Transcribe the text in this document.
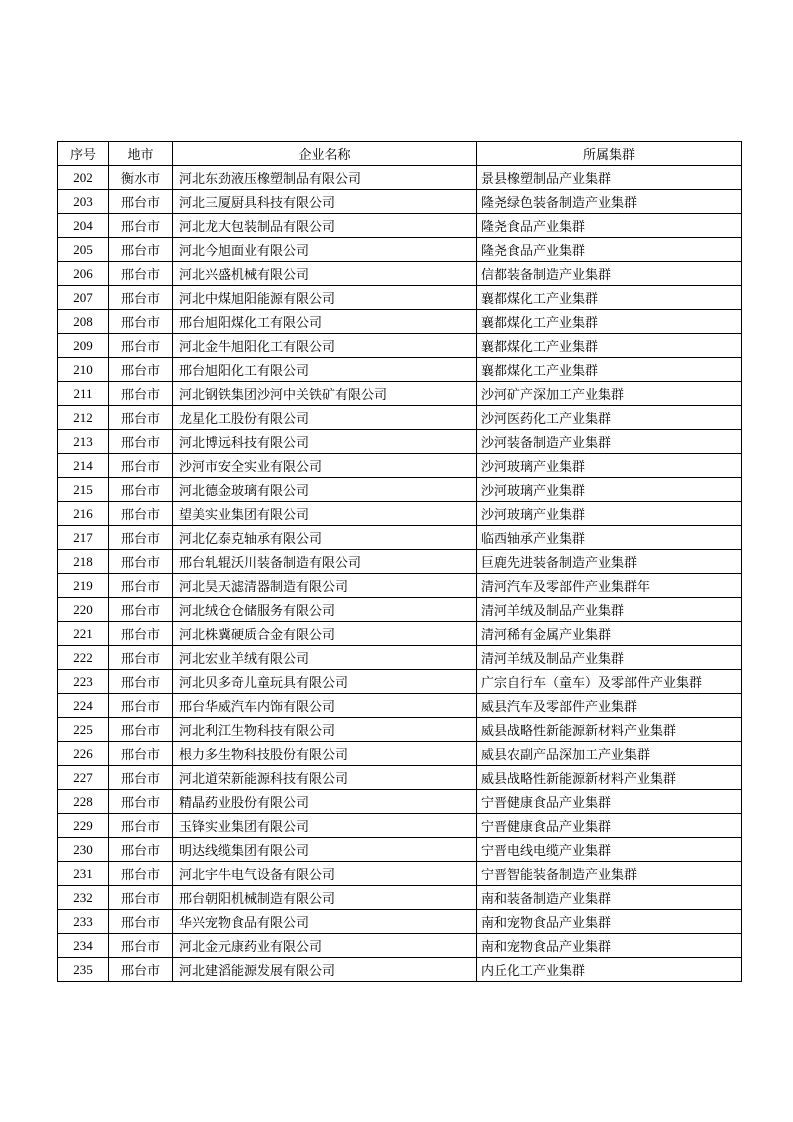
序号	地市	企业名称	所属集群
202	衡水市	河北东劲液压橡塑制品有限公司	景县橡塑制品产业集群
203	邢台市	河北三厦厨具科技有限公司	隆尧绿色装备制造产业集群
204	邢台市	河北龙大包装制品有限公司	隆尧食品产业集群
205	邢台市	河北今旭面业有限公司	隆尧食品产业集群
206	邢台市	河北兴盛机械有限公司	信都装备制造产业集群
207	邢台市	河北中煤旭阳能源有限公司	襄都煤化工产业集群
208	邢台市	邢台旭阳煤化工有限公司	襄都煤化工产业集群
209	邢台市	河北金牛旭阳化工有限公司	襄都煤化工产业集群
210	邢台市	邢台旭阳化工有限公司	襄都煤化工产业集群
211	邢台市	河北钢铁集团沙河中关铁矿有限公司	沙河矿产深加工产业集群
212	邢台市	龙星化工股份有限公司	沙河医药化工产业集群
213	邢台市	河北博远科技有限公司	沙河装备制造产业集群
214	邢台市	沙河市安全实业有限公司	沙河玻璃产业集群
215	邢台市	河北德金玻璃有限公司	沙河玻璃产业集群
216	邢台市	望美实业集团有限公司	沙河玻璃产业集群
217	邢台市	河北亿泰克轴承有限公司	临西轴承产业集群
218	邢台市	邢台轧辊沃川装备制造有限公司	巨鹿先进装备制造产业集群
219	邢台市	河北昊天滤清器制造有限公司	清河汽车及零部件产业集群年
220	邢台市	河北绒仓仓储服务有限公司	清河羊绒及制品产业集群
221	邢台市	河北株冀硬质合金有限公司	清河稀有金属产业集群
222	邢台市	河北宏业羊绒有限公司	清河羊绒及制品产业集群
223	邢台市	河北贝多奇儿童玩具有限公司	广宗自行车（童车）及零部件产业集群
224	邢台市	邢台华威汽车内饰有限公司	威县汽车及零部件产业集群
225	邢台市	河北利江生物科技有限公司	威县战略性新能源新材料产业集群
226	邢台市	根力多生物科技股份有限公司	威县农副产品深加工产业集群
227	邢台市	河北道荣新能源科技有限公司	威县战略性新能源新材料产业集群
228	邢台市	精晶药业股份有限公司	宁晋健康食品产业集群
229	邢台市	玉锋实业集团有限公司	宁晋健康食品产业集群
230	邢台市	明达线缆集团有限公司	宁晋电线电缆产业集群
231	邢台市	河北宇牛电气设备有限公司	宁晋智能装备制造产业集群
232	邢台市	邢台朝阳机械制造有限公司	南和装备制造产业集群
233	邢台市	华兴宠物食品有限公司	南和宠物食品产业集群
234	邢台市	河北金元康药业有限公司	南和宠物食品产业集群
235	邢台市	河北建滔能源发展有限公司	内丘化工产业集群
